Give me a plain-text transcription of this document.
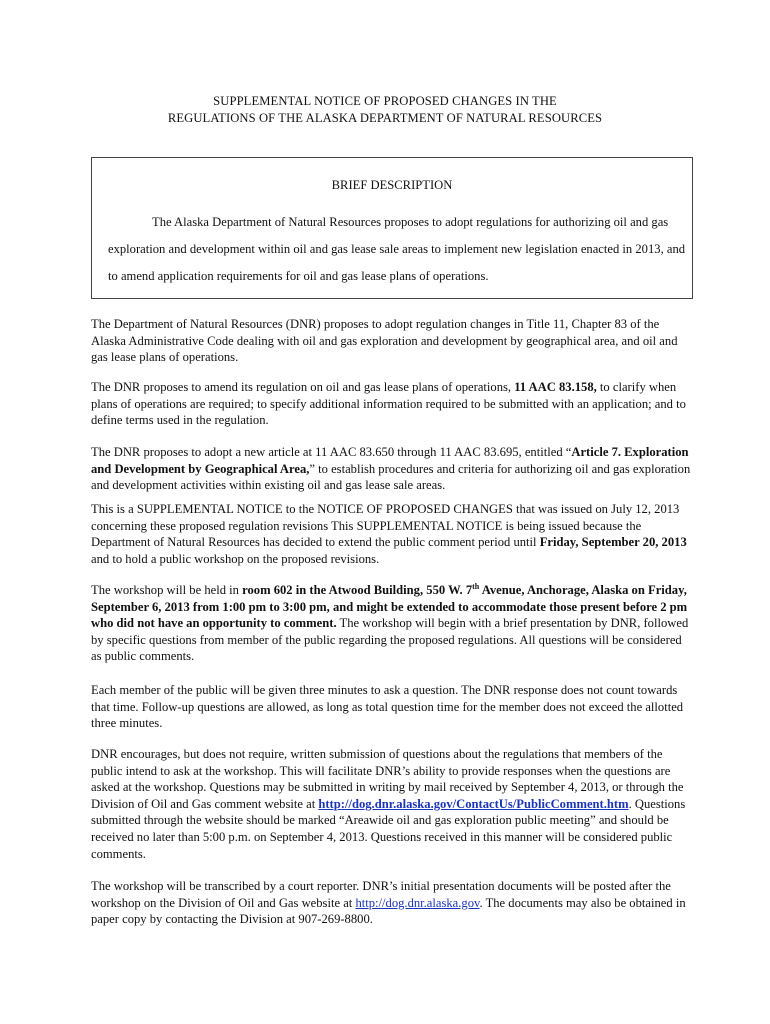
SUPPLEMENTAL NOTICE OF PROPOSED CHANGES IN THE
REGULATIONS OF THE ALASKA DEPARTMENT OF NATURAL RESOURCES
BRIEF DESCRIPTION
The Alaska Department of Natural Resources proposes to adopt regulations for authorizing oil and gas exploration and development within oil and gas lease sale areas to implement new legislation enacted in 2013, and to amend application requirements for oil and gas lease plans of operations.
The Department of Natural Resources (DNR) proposes to adopt regulation changes in Title 11, Chapter 83 of the Alaska Administrative Code dealing with oil and gas exploration and development by geographical area, and oil and gas lease plans of operations.
The DNR proposes to amend its regulation on oil and gas lease plans of operations, 11 AAC 83.158, to clarify when plans of operations are required; to specify additional information required to be submitted with an application; and to define terms used in the regulation.
The DNR proposes to adopt a new article at 11 AAC 83.650 through 11 AAC 83.695, entitled “Article 7. Exploration and Development by Geographical Area,” to establish procedures and criteria for authorizing oil and gas exploration and development activities within existing oil and gas lease sale areas.
This is a SUPPLEMENTAL NOTICE to the NOTICE OF PROPOSED CHANGES that was issued on July 12, 2013 concerning these proposed regulation revisions This SUPPLEMENTAL NOTICE is being issued because the Department of Natural Resources has decided to extend the public comment period until Friday, September 20, 2013 and to hold a public workshop on the proposed revisions.
The workshop will be held in room 602 in the Atwood Building, 550 W. 7th Avenue, Anchorage, Alaska on Friday, September 6, 2013 from 1:00 pm to 3:00 pm, and might be extended to accommodate those present before 2 pm who did not have an opportunity to comment. The workshop will begin with a brief presentation by DNR, followed by specific questions from member of the public regarding the proposed regulations. All questions will be considered as public comments.
Each member of the public will be given three minutes to ask a question. The DNR response does not count towards that time. Follow-up questions are allowed, as long as total question time for the member does not exceed the allotted three minutes.
DNR encourages, but does not require, written submission of questions about the regulations that members of the public intend to ask at the workshop. This will facilitate DNR’s ability to provide responses when the questions are asked at the workshop. Questions may be submitted in writing by mail received by September 4, 2013, or through the Division of Oil and Gas comment website at http://dog.dnr.alaska.gov/ContactUs/PublicComment.htm. Questions submitted through the website should be marked “Areawide oil and gas exploration public meeting” and should be received no later than 5:00 p.m. on September 4, 2013. Questions received in this manner will be considered public comments.
The workshop will be transcribed by a court reporter. DNR’s initial presentation documents will be posted after the workshop on the Division of Oil and Gas website at http://dog.dnr.alaska.gov. The documents may also be obtained in paper copy by contacting the Division at 907-269-8800.
